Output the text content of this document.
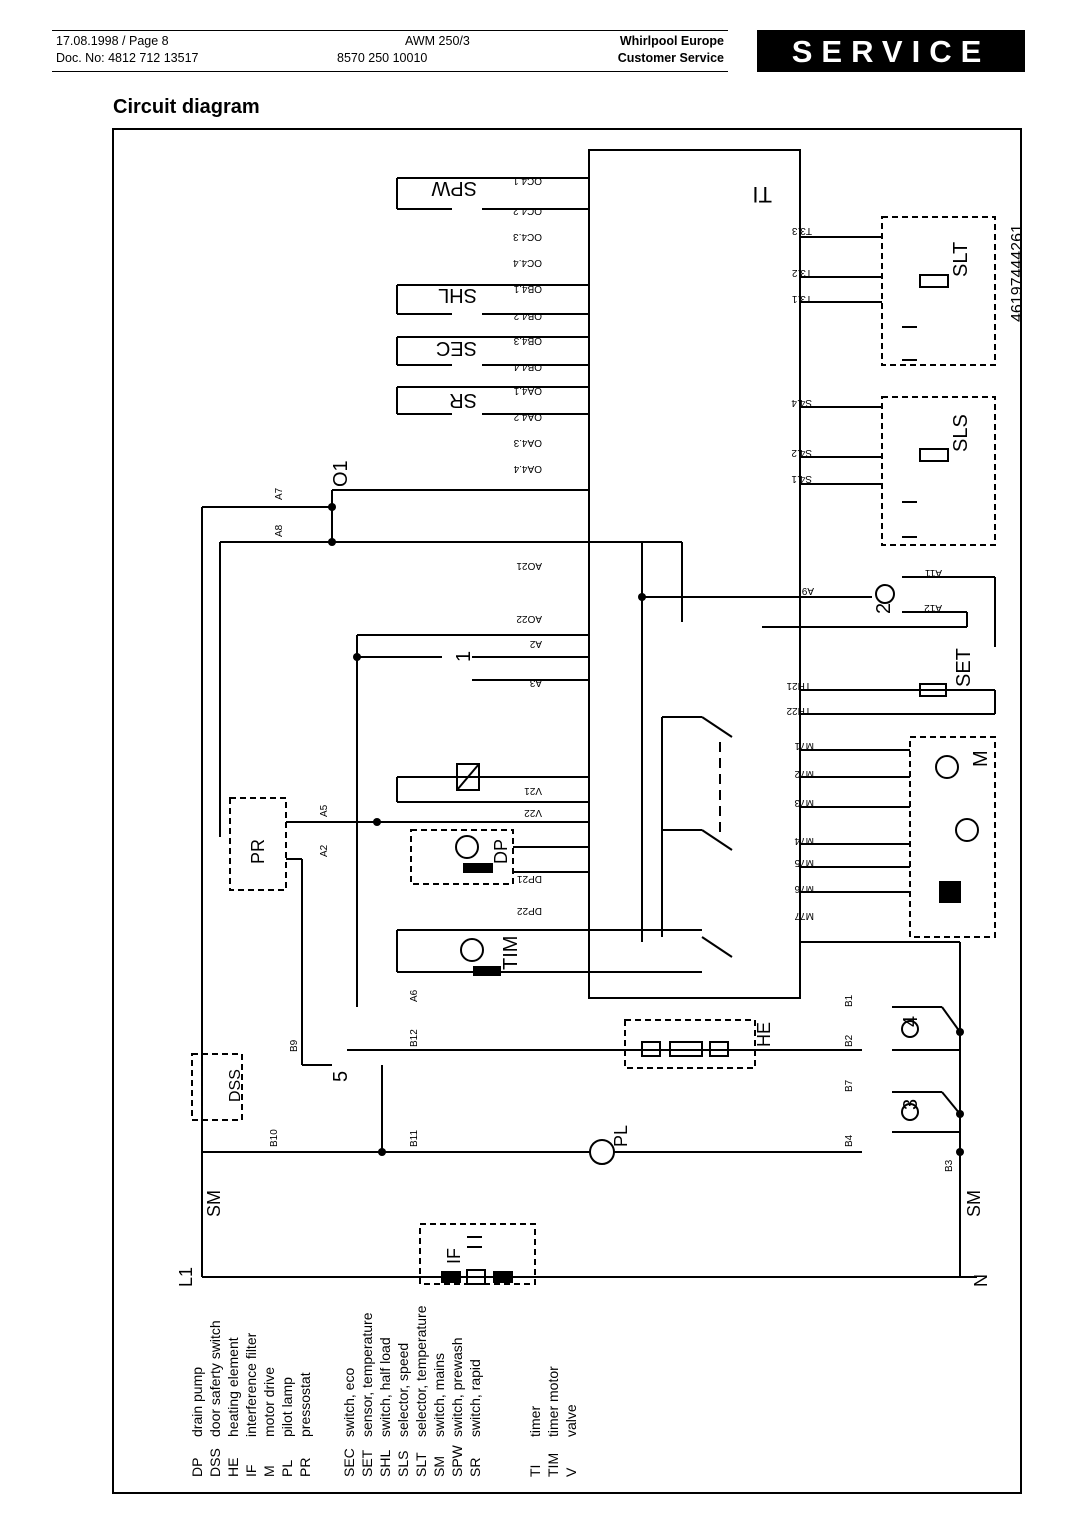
17.08.1998 / Page 8
Doc. No: 4812 712 13517
AWM 250/3
8570 250 10010
Whirlpool Europe
Customer Service	SERVICE
Circuit diagram
TI
SPW
SHL
SEC
SR
SLT
SLS
SET
M
TIM
DP
PR
DSS
HE
PL
IF
SM	SM
L1	N
46197444261
O1
1
2
3
4
5
OC4.1
OC4.2
OC4.3
OC4.4
OB4.1
OB4.2
OB4.3
OB4.4
OA4.1
OA4.2
OA4.3
OA4.4
AO21
AO22
A2
A3
V21
V22
DP21
DP22
T3.3
T3.2
T3.1
S4.4
S4.2
S4.1
A9
A11
A12
TH21
TH22
M71
M72
M73
M74
M75
M76
M77
A7
A8
A5
A2
A6
B9	B12
B10	B11
B1
B2
B7
B4
B3
DP
drain pump
DSS
door saferty switch
HE
heating element
IF
interference filter
M
motor drive
PL
pilot lamp
PR
pressostat
SEC
switch, eco
SET
sensor, temperature
SHL
switch, half load
SLS
selector, speed
SLT
selector, temperature
SM
switch, mains
SPW
switch, prewash
SR
switch, rapid
TI
timer
TIM
timer motor
V
valve
